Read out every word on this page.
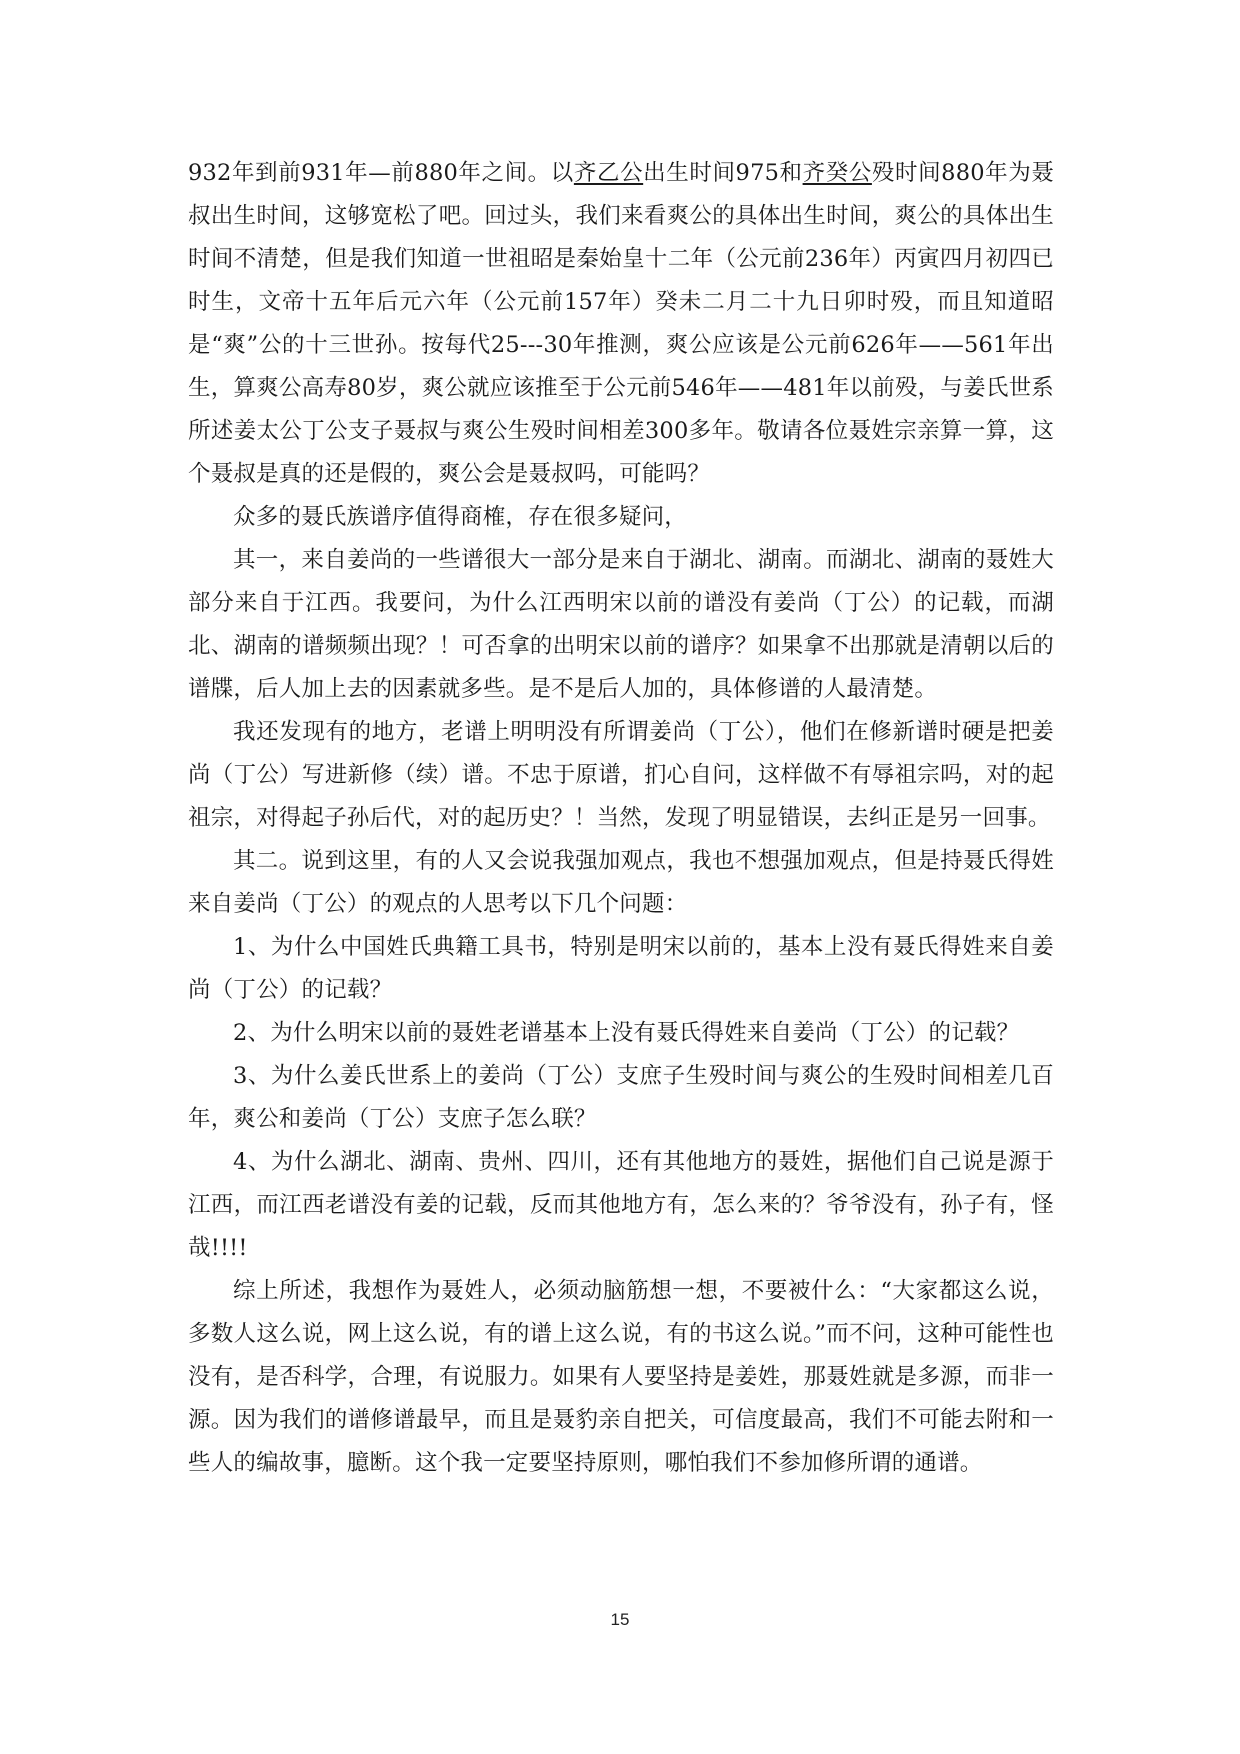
932年到前931年—前880年之间。以齐乙公出生时间975和齐癸公殁时间880年为聂叔出生时间，这够宽松了吧。回过头，我们来看爽公的具体出生时间，爽公的具体出生时间不清楚，但是我们知道一世祖昭是秦始皇十二年（公元前236年）丙寅四月初四已时生，文帝十五年后元六年（公元前157年）癸未二月二十九日卯时殁，而且知道昭是“爽”公的十三世孙。按每代25---30年推测，爽公应该是公元前626年——561年出生，算爽公高寿80岁，爽公就应该推至于公元前546年——481年以前殁，与姜氏世系所述姜太公丁公支子聂叔与爽公生殁时间相差300多年。敬请各位聂姓宗亲算一算，这个聂叔是真的还是假的，爽公会是聂叔吗，可能吗？

众多的聂氏族谱序值得商榷，存在很多疑问，

其一，来自姜尚的一些谱很大一部分是来自于湖北、湖南。而湖北、湖南的聂姓大部分来自于江西。我要问，为什么江西明宋以前的谱没有姜尚（丁公）的记载，而湖北、湖南的谱频频出现？！可否拿的出明宋以前的谱序？如果拿不出那就是清朝以后的谱牒，后人加上去的因素就多些。是不是后人加的，具体修谱的人最清楚。

我还发现有的地方，老谱上明明没有所谓姜尚（丁公），他们在修新谱时硬是把姜尚（丁公）写进新修（续）谱。不忠于原谱，扪心自问，这样做不有辱祖宗吗，对的起祖宗，对得起子孙后代，对的起历史？！当然，发现了明显错误，去纠正是另一回事。

其二。说到这里，有的人又会说我强加观点，我也不想强加观点，但是持聂氏得姓来自姜尚（丁公）的观点的人思考以下几个问题：

1、为什么中国姓氏典籍工具书，特别是明宋以前的，基本上没有聂氏得姓来自姜尚（丁公）的记载？

2、为什么明宋以前的聂姓老谱基本上没有聂氏得姓来自姜尚（丁公）的记载？

3、为什么姜氏世系上的姜尚（丁公）支庶子生殁时间与爽公的生殁时间相差几百年，爽公和姜尚（丁公）支庶子怎么联？

4、为什么湖北、湖南、贵州、四川，还有其他地方的聂姓，据他们自己说是源于江西，而江西老谱没有姜的记载，反而其他地方有，怎么来的？爷爷没有，孙子有，怪哉!!!!

综上所述，我想作为聂姓人，必须动脑筋想一想，不要被什么：“大家都这么说，多数人这么说，网上这么说，有的谱上这么说，有的书这么说。”而不问，这种可能性也没有，是否科学，合理，有说服力。如果有人要坚持是姜姓，那聂姓就是多源，而非一源。因为我们的谱修谱最早，而且是聂豹亲自把关，可信度最高，我们不可能去附和一些人的编故事，臆断。这个我一定要坚持原则，哪怕我们不参加修所谓的通谱。

15
